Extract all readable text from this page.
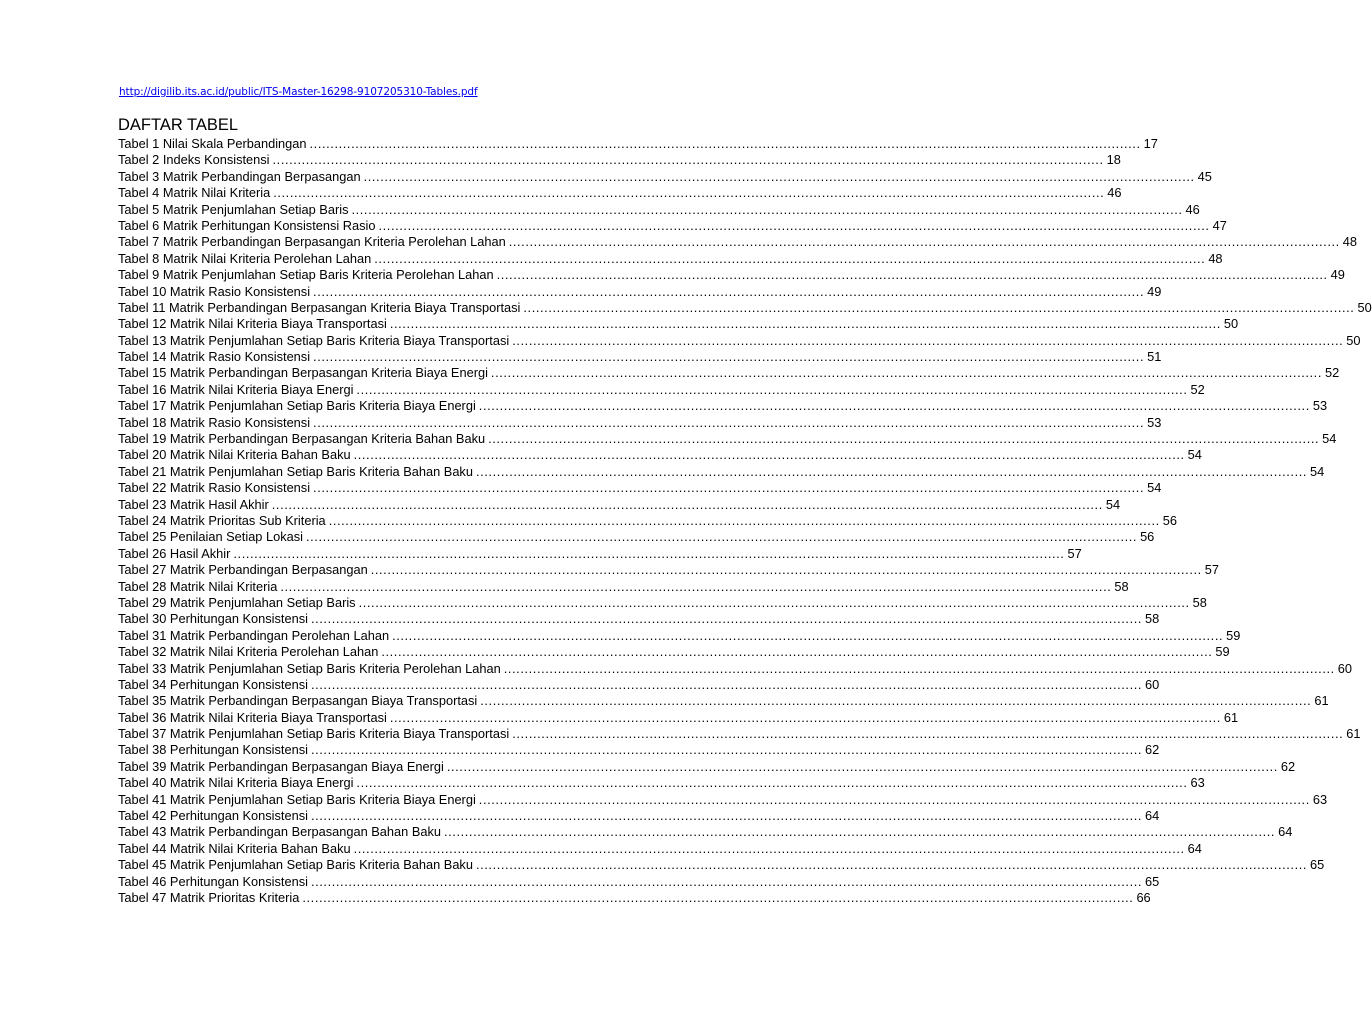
http://digilib.its.ac.id/public/ITS-Master-16298-9107205310-Tables.pdf
DAFTAR TABEL
Tabel 1 Nilai Skala Perbandingan ........................................................................................................................................................................................................ 17
Tabel 2 Indeks Konsistensi ........................................................................................................................................................................................................ 18
Tabel 3 Matrik Perbandingan Berpasangan ........................................................................................................................................................................................................ 45
Tabel 4 Matrik Nilai Kriteria ........................................................................................................................................................................................................ 46
Tabel 5 Matrik Penjumlahan Setiap Baris ........................................................................................................................................................................................................ 46
Tabel 6 Matrik Perhitungan Konsistensi Rasio ........................................................................................................................................................................................................ 47
Tabel 7 Matrik Perbandingan Berpasangan Kriteria Perolehan Lahan ........................................................................................................................................................................................................ 48
Tabel 8 Matrik Nilai Kriteria Perolehan Lahan ........................................................................................................................................................................................................ 48
Tabel 9 Matrik Penjumlahan Setiap Baris Kriteria Perolehan Lahan ........................................................................................................................................................................................................ 49
Tabel 10 Matrik Rasio Konsistensi ........................................................................................................................................................................................................ 49
Tabel 11 Matrik Perbandingan Berpasangan Kriteria Biaya Transportasi ........................................................................................................................................................................................................ 50
Tabel 12 Matrik Nilai Kriteria Biaya Transportasi ........................................................................................................................................................................................................ 50
Tabel 13 Matrik Penjumlahan Setiap Baris Kriteria Biaya Transportasi ........................................................................................................................................................................................................ 50
Tabel 14 Matrik Rasio Konsistensi ........................................................................................................................................................................................................ 51
Tabel 15 Matrik Perbandingan Berpasangan Kriteria Biaya Energi ........................................................................................................................................................................................................ 52
Tabel 16 Matrik Nilai Kriteria Biaya Energi ........................................................................................................................................................................................................ 52
Tabel 17 Matrik Penjumlahan Setiap Baris Kriteria Biaya Energi ........................................................................................................................................................................................................ 53
Tabel 18 Matrik Rasio Konsistensi ........................................................................................................................................................................................................ 53
Tabel 19 Matrik Perbandingan Berpasangan Kriteria Bahan Baku ........................................................................................................................................................................................................ 54
Tabel 20 Matrik Nilai Kriteria Bahan Baku ........................................................................................................................................................................................................ 54
Tabel 21 Matrik Penjumlahan Setiap Baris Kriteria Bahan Baku ........................................................................................................................................................................................................ 54
Tabel 22 Matrik Rasio Konsistensi ........................................................................................................................................................................................................ 54
Tabel 23 Matrik Hasil Akhir ........................................................................................................................................................................................................ 54
Tabel 24 Matrik Prioritas Sub Kriteria ........................................................................................................................................................................................................ 56
Tabel 25 Penilaian Setiap Lokasi ........................................................................................................................................................................................................ 56
Tabel 26 Hasil Akhir ........................................................................................................................................................................................................ 57
Tabel 27 Matrik Perbandingan Berpasangan ........................................................................................................................................................................................................ 57
Tabel 28 Matrik Nilai Kriteria ........................................................................................................................................................................................................ 58
Tabel 29 Matrik Penjumlahan Setiap Baris ........................................................................................................................................................................................................ 58
Tabel 30 Perhitungan Konsistensi ........................................................................................................................................................................................................ 58
Tabel 31 Matrik Perbandingan Perolehan Lahan ........................................................................................................................................................................................................ 59
Tabel 32 Matrik Nilai Kriteria Perolehan Lahan ........................................................................................................................................................................................................ 59
Tabel 33 Matrik Penjumlahan Setiap Baris Kriteria Perolehan Lahan ........................................................................................................................................................................................................ 60
Tabel 34 Perhitungan Konsistensi ........................................................................................................................................................................................................ 60
Tabel 35 Matrik Perbandingan Berpasangan Biaya Transportasi ........................................................................................................................................................................................................ 61
Tabel 36 Matrik Nilai Kriteria Biaya Transportasi ........................................................................................................................................................................................................ 61
Tabel 37 Matrik Penjumlahan Setiap Baris Kriteria Biaya Transportasi ........................................................................................................................................................................................................ 61
Tabel 38 Perhitungan Konsistensi ........................................................................................................................................................................................................ 62
Tabel 39 Matrik Perbandingan Berpasangan Biaya Energi ........................................................................................................................................................................................................ 62
Tabel 40 Matrik Nilai Kriteria Biaya Energi ........................................................................................................................................................................................................ 63
Tabel 41 Matrik Penjumlahan Setiap Baris Kriteria Biaya Energi ........................................................................................................................................................................................................ 63
Tabel 42 Perhitungan Konsistensi ........................................................................................................................................................................................................ 64
Tabel 43 Matrik Perbandingan Berpasangan Bahan Baku ........................................................................................................................................................................................................ 64
Tabel 44 Matrik Nilai Kriteria Bahan Baku ........................................................................................................................................................................................................ 64
Tabel 45 Matrik Penjumlahan Setiap Baris Kriteria Bahan Baku ........................................................................................................................................................................................................ 65
Tabel 46 Perhitungan Konsistensi ........................................................................................................................................................................................................ 65
Tabel 47 Matrik Prioritas Kriteria ........................................................................................................................................................................................................ 66
